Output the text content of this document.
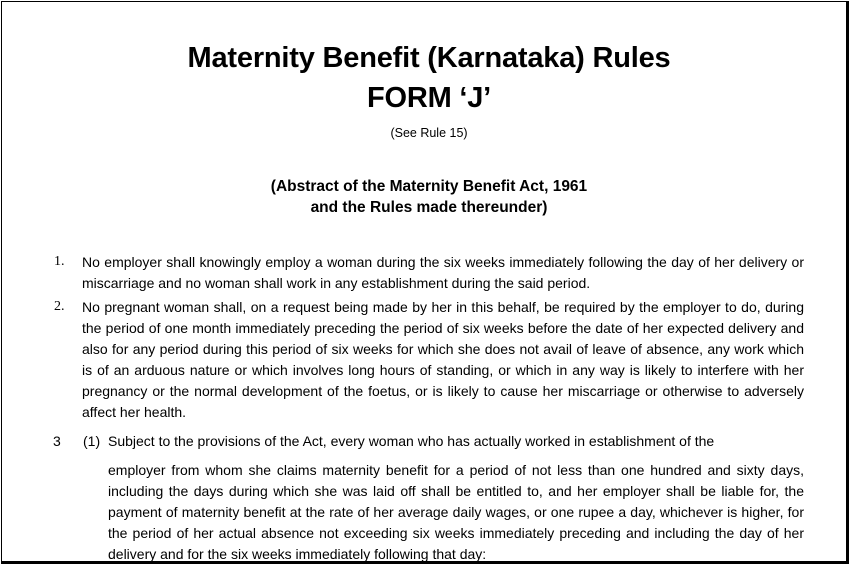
Maternity Benefit (Karnataka) Rules
FORM ‘J’
(See Rule 15)
(Abstract of the Maternity Benefit Act, 1961
and the Rules made thereunder)
1. No employer shall knowingly employ a woman during the six weeks immediately following the day of her delivery or miscarriage and no woman shall work in any establishment during the said period.
2. No pregnant woman shall, on a request being made by her in this behalf, be required by the employer to do, during the period of one month immediately preceding the period of six weeks before the date of her expected delivery and also for any period during this period of six weeks for which she does not avail of leave of absence, any work which is of an arduous nature or which involves long hours of standing, or which in any way is likely to interfere with her pregnancy or the normal development of the foetus, or is likely to cause her miscarriage or otherwise to adversely affect her health.
3 (1) Subject to the provisions of the Act, every woman who has actually worked in establishment of the
employer from whom she claims maternity benefit for a period of not less than one hundred and sixty days, including the days during which she was laid off shall be entitled to, and her employer shall be liable for, the payment of maternity benefit at the rate of her average daily wages, or one rupee a day, whichever is higher, for the period of her actual absence not exceeding six weeks immediately preceding and including the day of her delivery and for the six weeks immediately following that day:
